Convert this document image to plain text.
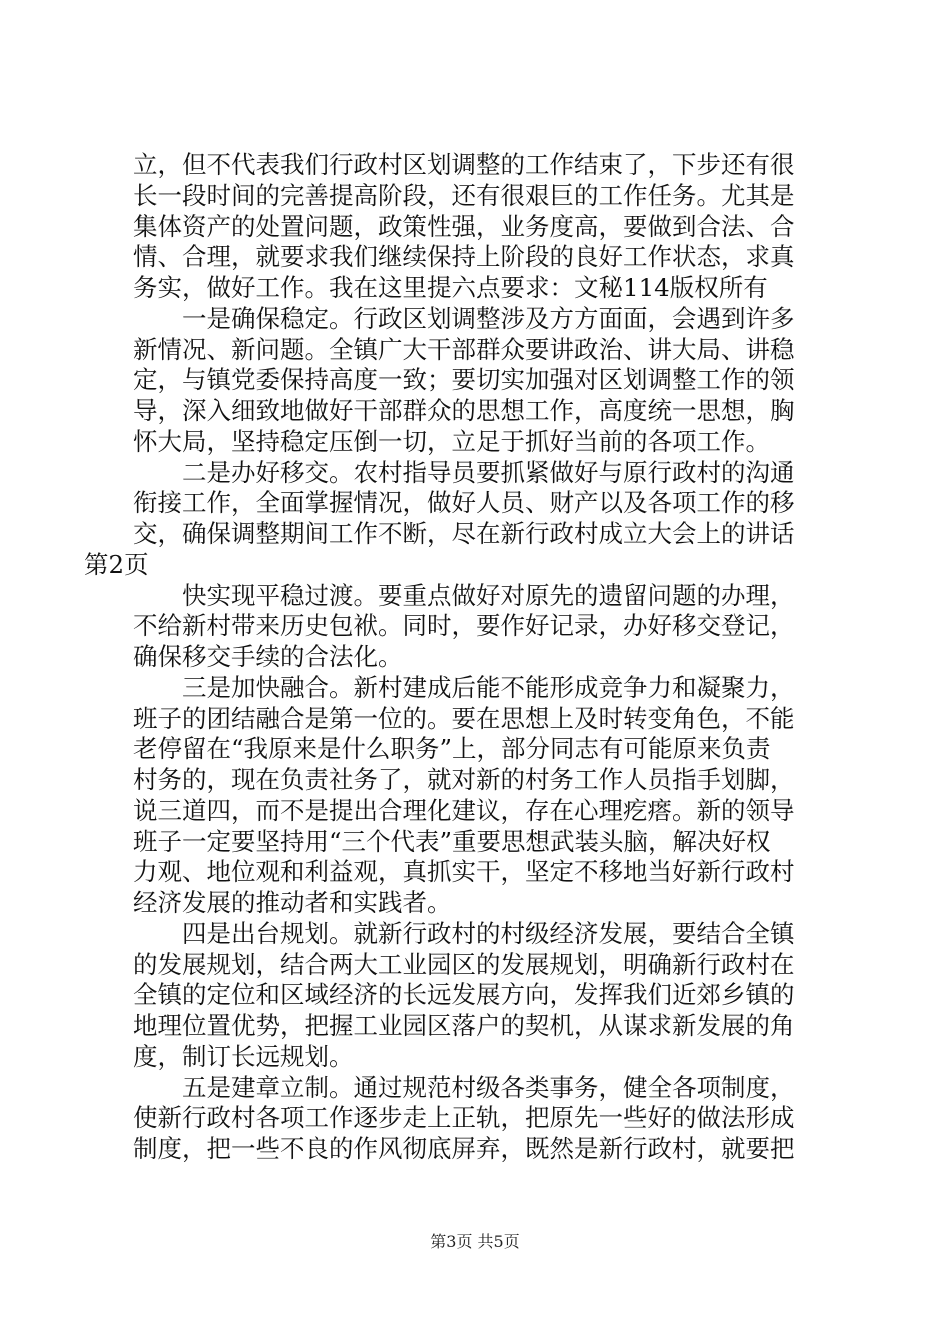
立，但不代表我们行政村区划调整的工作结束了，下步还有很
长一段时间的完善提高阶段，还有很艰巨的工作任务。尤其是
集体资产的处置问题，政策性强，业务度高，要做到合法、合
情、合理，就要求我们继续保持上阶段的良好工作状态，求真
务实，做好工作。我在这里提六点要求：文秘114版权所有

一是确保稳定。行政区划调整涉及方方面面，会遇到许多
新情况、新问题。全镇广大干部群众要讲政治、讲大局、讲稳
定，与镇党委保持高度一致；要切实加强对区划调整工作的领
导，深入细致地做好干部群众的思想工作，高度统一思想，胸
怀大局，坚持稳定压倒一切，立足于抓好当前的各项工作。

二是办好移交。农村指导员要抓紧做好与原行政村的沟通
衔接工作，全面掌握情况，做好人员、财产以及各项工作的移
交，确保调整期间工作不断，尽在新行政村成立大会上的讲话
第2页

快实现平稳过渡。要重点做好对原先的遗留问题的办理，
不给新村带来历史包袱。同时，要作好记录，办好移交登记，
确保移交手续的合法化。

三是加快融合。新村建成后能不能形成竞争力和凝聚力，
班子的团结融合是第一位的。要在思想上及时转变角色，不能
老停留在“我原来是什么职务”上，部分同志有可能原来负责
村务的，现在负责社务了，就对新的村务工作人员指手划脚，
说三道四，而不是提出合理化建议，存在心理疙瘩。新的领导
班子一定要坚持用“三个代表”重要思想武装头脑，解决好权
力观、地位观和利益观，真抓实干，坚定不移地当好新行政村
经济发展的推动者和实践者。

四是出台规划。就新行政村的村级经济发展，要结合全镇
的发展规划，结合两大工业园区的发展规划，明确新行政村在
全镇的定位和区域经济的长远发展方向，发挥我们近郊乡镇的
地理位置优势，把握工业园区落户的契机，从谋求新发展的角
度，制订长远规划。

五是建章立制。通过规范村级各类事务，健全各项制度，
使新行政村各项工作逐步走上正轨，把原先一些好的做法形成
制度，把一些不良的作风彻底屏弃，既然是新行政村，就要把

第3页 共5页
